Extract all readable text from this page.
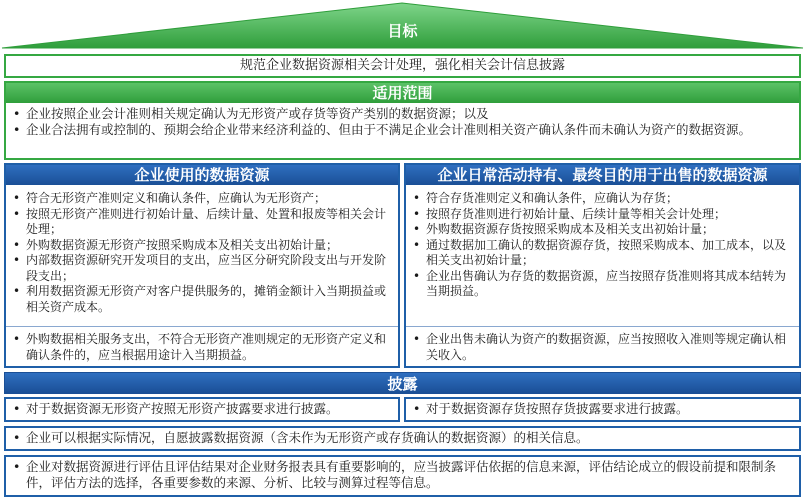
目标
规范企业数据资源相关会计处理，强化相关会计信息披露
适用范围
• 企业按照企业会计准则相关规定确认为无形资产或存货等资产类别的数据资源；以及
• 企业合法拥有或控制的、预期会给企业带来经济利益的、但由于不满足企业会计准则相关资产确认条件而未确认为资产的数据资源。
企业使用的数据资源
• 符合无形资产准则定义和确认条件，应确认为无形资产；
• 按照无形资产准则进行初始计量、后续计量、处置和报废等相关会计处理；
• 外购数据资源无形资产按照采购成本及相关支出初始计量；
• 内部数据资源研究开发项目的支出，应当区分研究阶段支出与开发阶段支出；
• 利用数据资源无形资产对客户提供服务的，摊销金额计入当期损益或相关资产成本。
• 外购数据相关服务支出，不符合无形资产准则规定的无形资产定义和确认条件的，应当根据用途计入当期损益。
企业日常活动持有、最终目的用于出售的数据资源
• 符合存货准则定义和确认条件，应确认为存货；
• 按照存货准则进行初始计量、后续计量等相关会计处理；
• 外购数据资源存货按照采购成本及相关支出初始计量；
• 通过数据加工确认的数据资源存货，按照采购成本、加工成本，以及相关支出初始计量；
• 企业出售确认为存货的数据资源，应当按照存货准则将其成本结转为当期损益。
• 企业出售未确认为资产的数据资源，应当按照收入准则等规定确认相关收入。
披露
• 对于数据资源无形资产按照无形资产披露要求进行披露。
•	对于数据资源存货按照存货披露要求进行披露。
• 企业可以根据实际情况，自愿披露数据资源（含未作为无形资产或存货确认的数据资源）的相关信息。
• 企业对数据资源进行评估且评估结果对企业财务报表具有重要影响的，应当披露评估依据的信息来源，评估结论成立的假设前提和限制条件，评估方法的选择，各重要参数的来源、分析、比较与测算过程等信息。
